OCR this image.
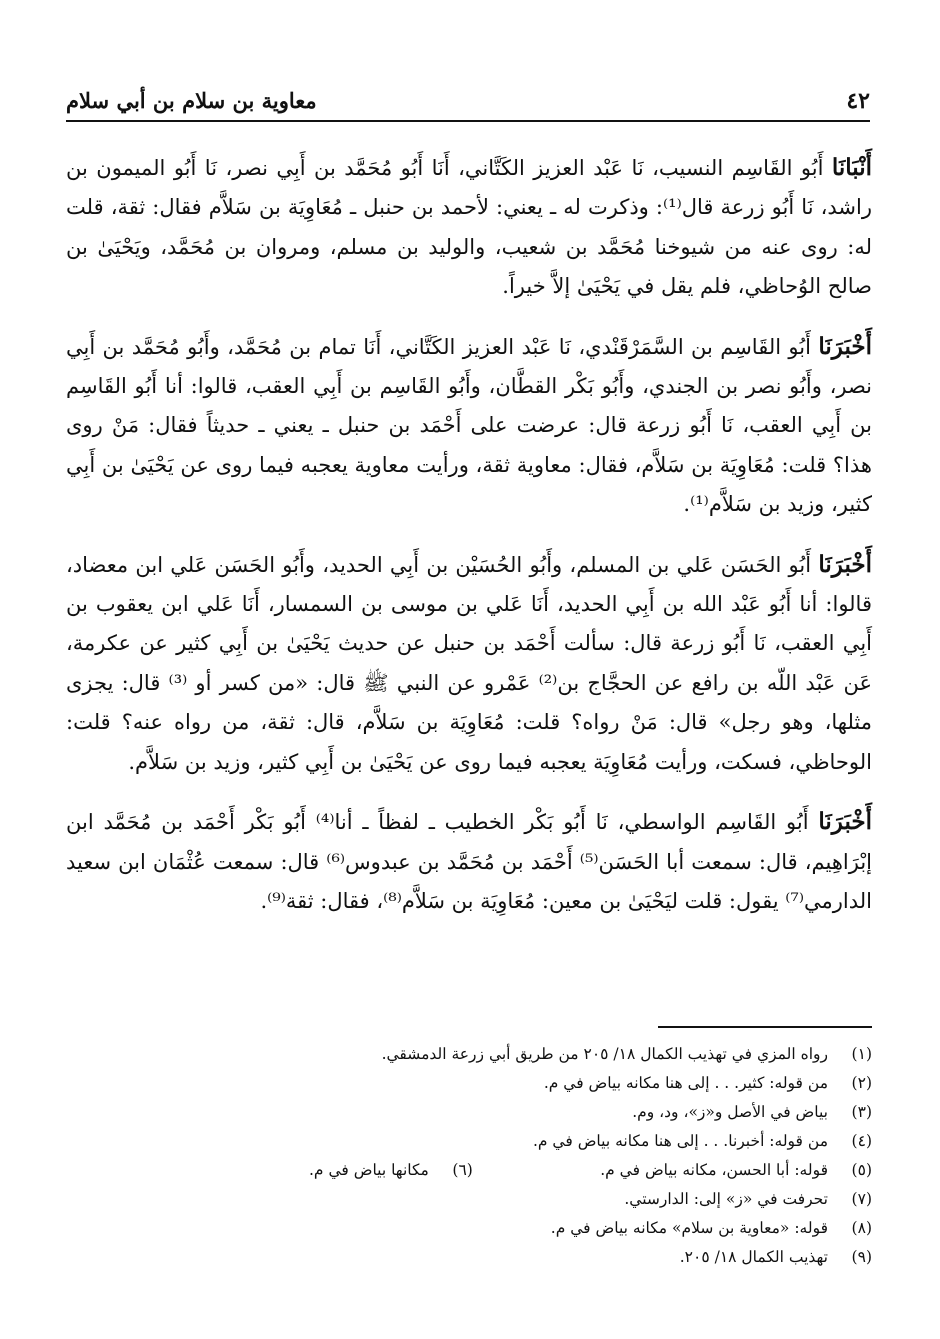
٤٢
معاوية بن سلام بن أبي سلام

أَنْبَانَا أَبُو القَاسِم النسيب، نَا عَبْد العزيز الكَتَّاني، أَنَا أَبُو مُحَمَّد بن أَبِي نصر، نَا أَبُو الميمون بن راشد، نَا أَبُو زرعة قال⁽¹⁾: وذكرت له ـ يعني: لأحمد بن حنبل ـ مُعَاوِيَة بن سَلاَّم فقال: ثقة، قلت له: روى عنه من شيوخنا مُحَمَّد بن شعيب، والوليد بن مسلم، ومروان بن مُحَمَّد، ويَحْيَىٰ بن صالح الوُحاظي، فلم يقل في يَحْيَىٰ إلاَّ خيراً.

أَخْبَرَنَا أَبُو القَاسِم بن السَّمَرْقَنْدي، نَا عَبْد العزيز الكَتَّاني، أَنَا تمام بن مُحَمَّد، وأَبُو مُحَمَّد بن أَبِي نصر، وأَبُو نصر بن الجندي، وأَبُو بَكْر القطَّان، وأَبُو القَاسِم بن أَبِي العقب، قالوا: أنا أَبُو القَاسِم بن أَبِي العقب، نَا أَبُو زرعة قال: عرضت على أَحْمَد بن حنبل ـ يعني ـ حديثاً فقال: مَنْ روى هذا؟ قلت: مُعَاوِيَة بن سَلاَّم، فقال: معاوية ثقة، ورأيت معاوية يعجبه فيما روى عن يَحْيَىٰ بن أَبِي كثير، وزيد بن سَلاَّم⁽¹⁾.

أَخْبَرَنَا أَبُو الحَسَن عَلي بن المسلم، وأَبُو الحُسَيْن بن أَبِي الحديد، وأَبُو الحَسَن عَلي ابن معضاد، قالوا: أنا أَبُو عَبْد الله بن أَبِي الحديد، أَنَا عَلي بن موسى بن السمسار، أَنَا عَلي ابن يعقوب بن أَبِي العقب، نَا أَبُو زرعة قال: سألت أَحْمَد بن حنبل عن حديث يَحْيَىٰ بن أَبِي كثير عن عكرمة، عَن عَبْد اللّه بن رافع عن الحجَّاج بن⁽²⁾ عَمْرو عن النبي ﷺ قال: «من كسر أو ⁽³⁾ قال: يجزى مثلها، وهو رجل» قال: مَنْ رواه؟ قلت: مُعَاوِيَة بن سَلاَّم، قال: ثقة، من رواه عنه؟ قلت: الوحاظي، فسكت، ورأيت مُعَاوِيَة يعجبه فيما روى عن يَحْيَىٰ بن أَبِي كثير، وزيد بن سَلاَّم.

أَخْبَرَنَا أَبُو القَاسِم الواسطي، نَا أَبُو بَكْر الخطيب ـ لفظاً ـ أنا⁽⁴⁾ أَبُو بَكْر أَحْمَد بن مُحَمَّد ابن إبْرَاهِيم، قال: سمعت أبا الحَسَن⁽⁵⁾ أَحْمَد بن مُحَمَّد بن عبدوس⁽⁶⁾ قال: سمعت عُثْمَان ابن سعيد الدارمي⁽⁷⁾ يقول: قلت ليَحْيَىٰ بن معين: مُعَاوِيَة بن سَلاَّم⁽⁸⁾، فقال: ثقة⁽⁹⁾.

(١)رواه المزي في تهذيب الكمال ١٨/ ٢٠٥ من طريق أبي زرعة الدمشقي.
(٢)من قوله: كثير. . . إلى هنا مكانه بياض في م.
(٣)بياض في الأصل و«ز»، ود، وم.
(٤)من قوله: أخبرنا. . . إلى هنا مكانه بياض في م.
(٥)قوله: أبا الحسن، مكانه بياض في م.
(٦)مكانها بياض في م.
(٧)تحرفت في «ز» إلى: الدارستي.
(٨)قوله: «معاوية بن سلام» مكانه بياض في م.
(٩)تهذيب الكمال ١٨/ ٢٠٥.
